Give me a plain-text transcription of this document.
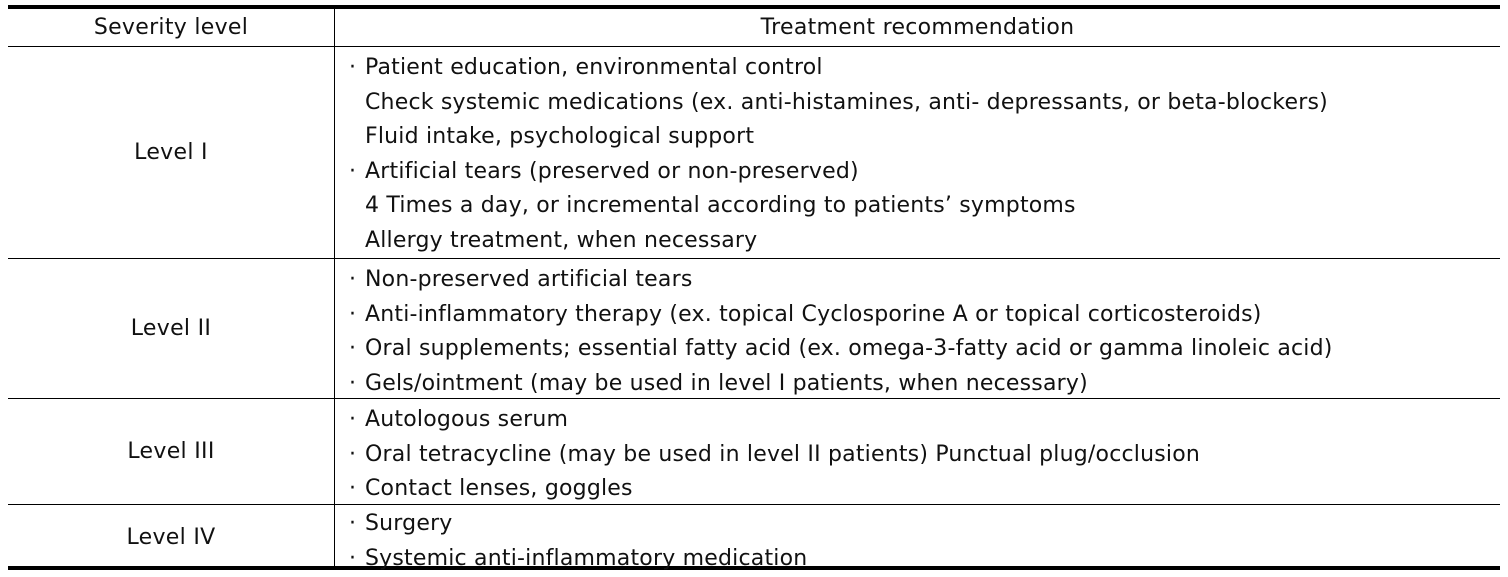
Severity level	Treatment recommendation
Level I
· Patient education, environmental control
Check systemic medications (ex. anti-histamines, anti- depressants, or beta-blockers)
Fluid intake, psychological support
· Artificial tears (preserved or non-preserved)
4 Times a day, or incremental according to patients’ symptoms
Allergy treatment, when necessary
Level II
· Non-preserved artificial tears
· Anti-inflammatory therapy (ex. topical Cyclosporine A or topical corticosteroids)
· Oral supplements; essential fatty acid (ex. omega-3-fatty acid or gamma linoleic acid)
· Gels/ointment (may be used in level I patients, when necessary)
Level III
· Autologous serum
· Oral tetracycline (may be used in level II patients) Punctual plug/occlusion
· Contact lenses, goggles
Level IV
· Surgery
· Systemic anti-inflammatory medication
